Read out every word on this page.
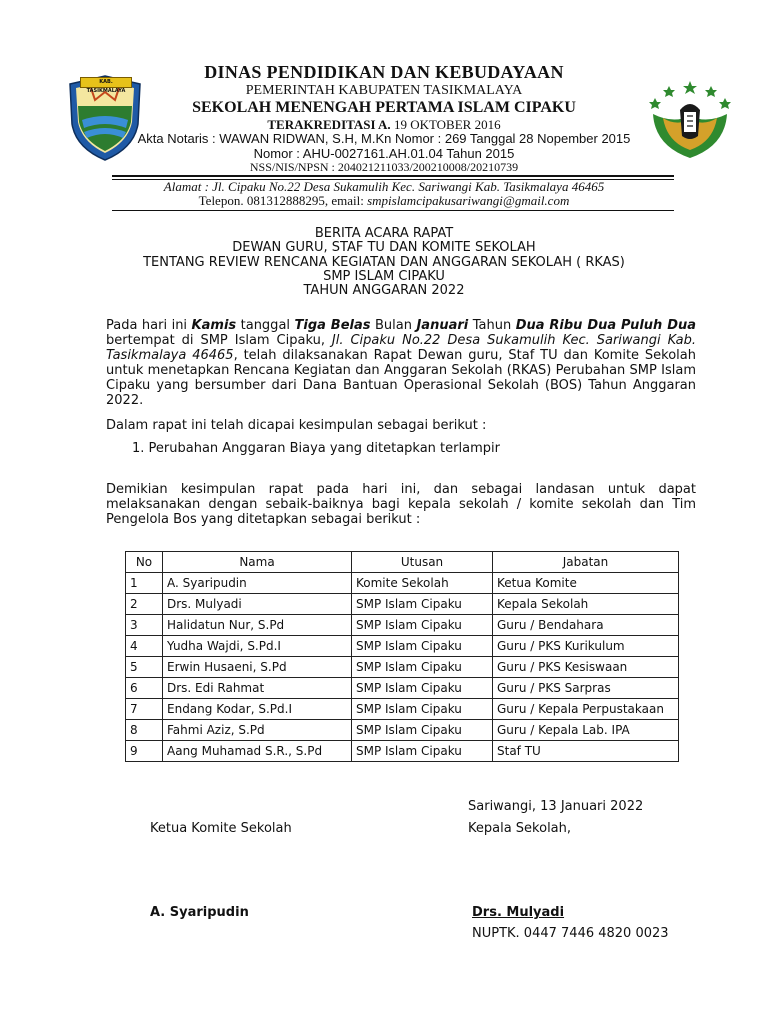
KAB. TASIKMALAYA
DINAS PENDIDIKAN DAN KEBUDAYAAN
PEMERINTAH KABUPATEN TASIKMALAYA
SEKOLAH MENENGAH PERTAMA ISLAM CIPAKU
TERAKREDITASI A. 19 OKTOBER 2016
Akta Notaris : WAWAN RIDWAN, S.H, M.Kn Nomor : 269 Tanggal 28 Nopember 2015
Nomor : AHU-0027161.AH.01.04 Tahun 2015
NSS/NIS/NPSN : 204021211033/200210008/20210739
Alamat : Jl. Cipaku No.22 Desa Sukamulih Kec. Sariwangi Kab. Tasikmalaya 46465
Telepon. 081312888295, email: smpislamcipakusariwangi@gmail.com
BERITA ACARA RAPAT
DEWAN GURU, STAF TU DAN KOMITE SEKOLAH
TENTANG REVIEW RENCANA KEGIATAN DAN ANGGARAN SEKOLAH ( RKAS)
SMP ISLAM CIPAKU
TAHUN ANGGARAN 2022
Pada hari ini Kamis tanggal Tiga Belas Bulan Januari Tahun Dua Ribu Dua Puluh Dua bertempat di SMP Islam Cipaku, Jl. Cipaku No.22 Desa Sukamulih Kec. Sariwangi Kab. Tasikmalaya 46465, telah dilaksanakan Rapat Dewan guru, Staf TU dan Komite Sekolah untuk menetapkan Rencana Kegiatan dan Anggaran Sekolah (RKAS) Perubahan SMP Islam Cipaku yang bersumber dari Dana Bantuan Operasional Sekolah (BOS) Tahun Anggaran 2022.
Dalam rapat ini telah dicapai kesimpulan sebagai berikut :
1. Perubahan Anggaran Biaya yang ditetapkan terlampir
Demikian kesimpulan rapat pada hari ini, dan sebagai landasan untuk dapat melaksanakan dengan sebaik-baiknya bagi kepala sekolah / komite sekolah dan Tim Pengelola Bos yang ditetapkan sebagai berikut :
No	Nama	Utusan	Jabatan
1	A. Syaripudin	Komite Sekolah	Ketua Komite
2	Drs. Mulyadi	SMP Islam Cipaku	Kepala Sekolah
3	Halidatun Nur, S.Pd	SMP Islam Cipaku	Guru / Bendahara
4	Yudha Wajdi, S.Pd.I	SMP Islam Cipaku	Guru / PKS Kurikulum
5	Erwin Husaeni, S.Pd	SMP Islam Cipaku	Guru / PKS Kesiswaan
6	Drs. Edi Rahmat	SMP Islam Cipaku	Guru / PKS Sarpras
7	Endang Kodar, S.Pd.I	SMP Islam Cipaku	Guru / Kepala Perpustakaan
8	Fahmi Aziz, S.Pd	SMP Islam Cipaku	Guru / Kepala Lab. IPA
9	Aang Muhamad S.R., S.Pd	SMP Islam Cipaku	Staf TU
Sariwangi, 13 Januari 2022
Ketua Komite Sekolah	Kepala Sekolah,
A. Syaripudin	Drs. Mulyadi
NUPTK. 0447 7446 4820 0023
